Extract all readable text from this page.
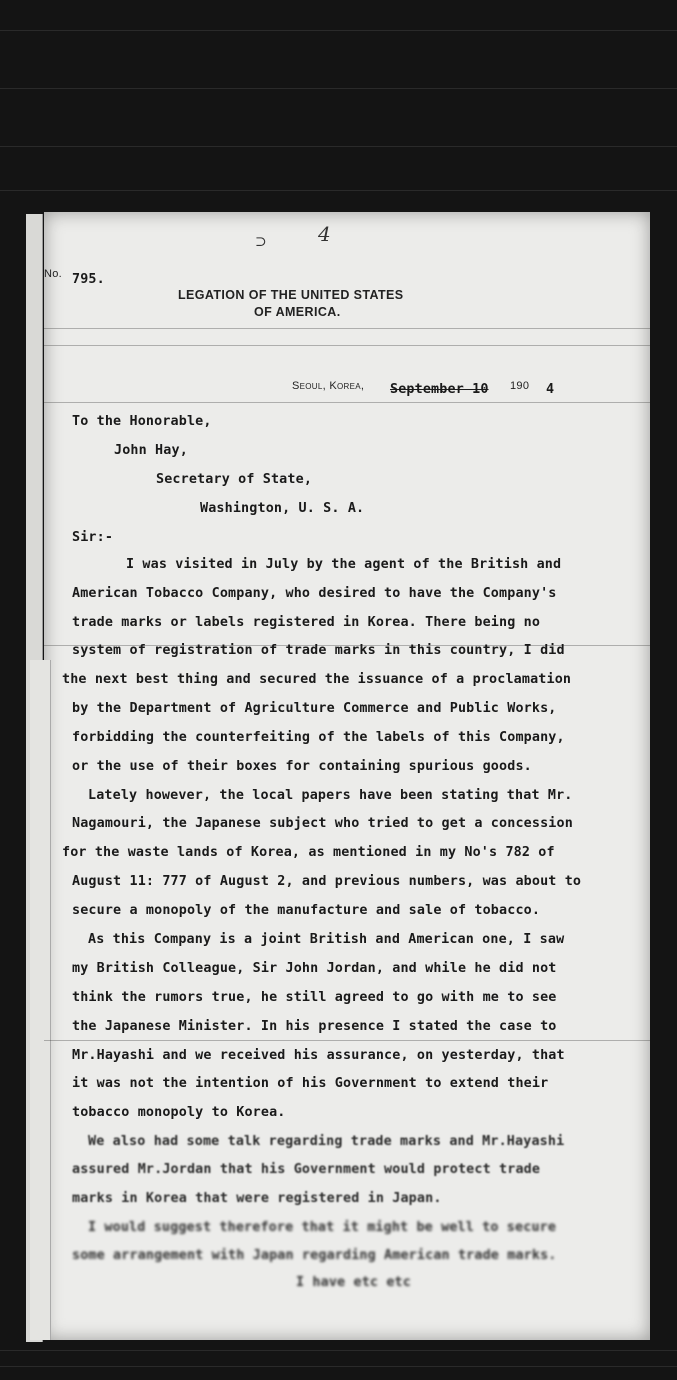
⊃	4
No. 795.
LEGATION OF THE UNITED STATES
OF AMERICA.
Seoul, Korea, September 10 190 4
To the Honorable,
John Hay,
Secretary of State,
Washington, U. S. A.
Sir:-
I was visited in July by the agent of the British and
American Tobacco Company, who desired to have the Company's
trade marks or labels registered in Korea. There being no
system of registration of trade marks in this country, I did
the next best thing and secured the issuance of a proclamation
by the Department of Agriculture Commerce and Public Works,
forbidding the counterfeiting of the labels of this Company,
or the use of their boxes for containing spurious goods.
Lately however, the local papers have been stating that Mr.
Nagamouri, the Japanese subject who tried to get a concession
for the waste lands of Korea, as mentioned in my No's 782 of
August 11: 777 of August 2, and previous numbers, was about to
secure a monopoly of the manufacture and sale of tobacco.
As this Company is a joint British and American one, I saw
my British Colleague, Sir John Jordan, and while he did not
think the rumors true, he still agreed to go with me to see
the Japanese Minister. In his presence I stated the case to
Mr.Hayashi and we received his assurance, on yesterday, that
it was not the intention of his Government to extend their
tobacco monopoly to Korea.
We also had some talk regarding trade marks and Mr.Hayashi
assured Mr.Jordan that his Government would protect trade
marks in Korea that were registered in Japan.
I would suggest therefore that it might be well to secure
some arrangement with Japan regarding American trade marks.
I have etc etc
